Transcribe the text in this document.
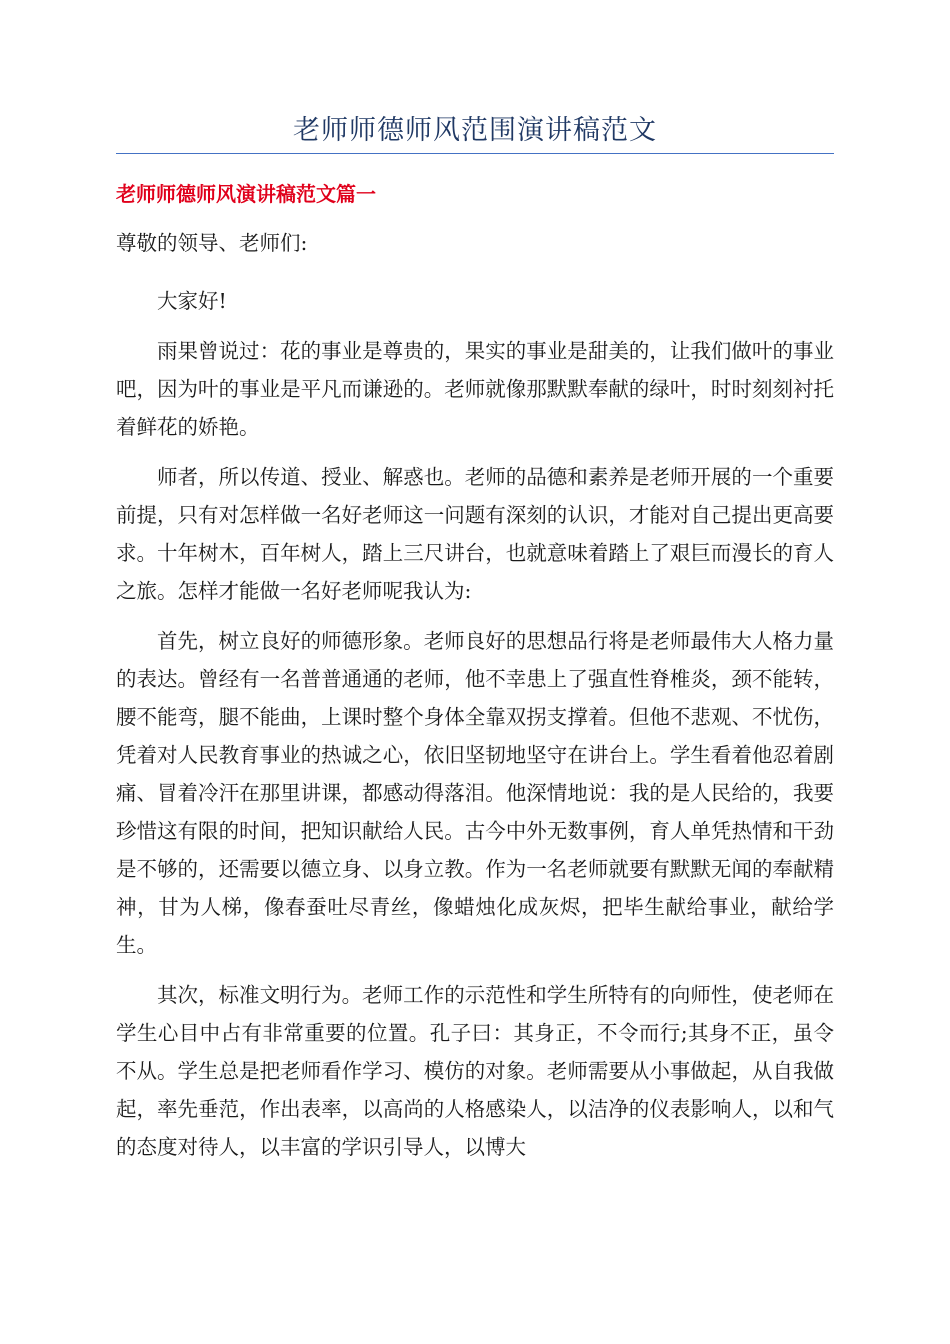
老师师德师风范围演讲稿范文
老师师德师风演讲稿范文篇一

尊敬的领导、老师们:

大家好!

雨果曾说过：花的事业是尊贵的，果实的事业是甜美的，让我们做叶的事业吧，因为叶的事业是平凡而谦逊的。老师就像那默默奉献的绿叶，时时刻刻衬托着鲜花的娇艳。

师者，所以传道、授业、解惑也。老师的品德和素养是老师开展的一个重要前提，只有对怎样做一名好老师这一问题有深刻的认识，才能对自己提出更高要求。十年树木，百年树人，踏上三尺讲台，也就意味着踏上了艰巨而漫长的育人之旅。怎样才能做一名好老师呢我认为:

首先，树立良好的师德形象。老师良好的思想品行将是老师最伟大人格力量的表达。曾经有一名普普通通的老师，他不幸患上了强直性脊椎炎，颈不能转，腰不能弯，腿不能曲，上课时整个身体全靠双拐支撑着。但他不悲观、不忧伤，凭着对人民教育事业的热诚之心，依旧坚韧地坚守在讲台上。学生看着他忍着剧痛、冒着冷汗在那里讲课，都感动得落泪。他深情地说：我的是人民给的，我要珍惜这有限的时间，把知识献给人民。古今中外无数事例，育人单凭热情和干劲是不够的，还需要以德立身、以身立教。作为一名老师就要有默默无闻的奉献精神，甘为人梯，像春蚕吐尽青丝，像蜡烛化成灰烬，把毕生献给事业，献给学生。

其次，标准文明行为。老师工作的示范性和学生所特有的向师性，使老师在学生心目中占有非常重要的位置。孔子曰：其身正，不令而行;其身不正，虽令不从。学生总是把老师看作学习、模仿的对象。老师需要从小事做起，从自我做起，率先垂范，作出表率，以高尚的人格感染人，以洁净的仪表影响人，以和气的态度对待人，以丰富的学识引导人，以博大
